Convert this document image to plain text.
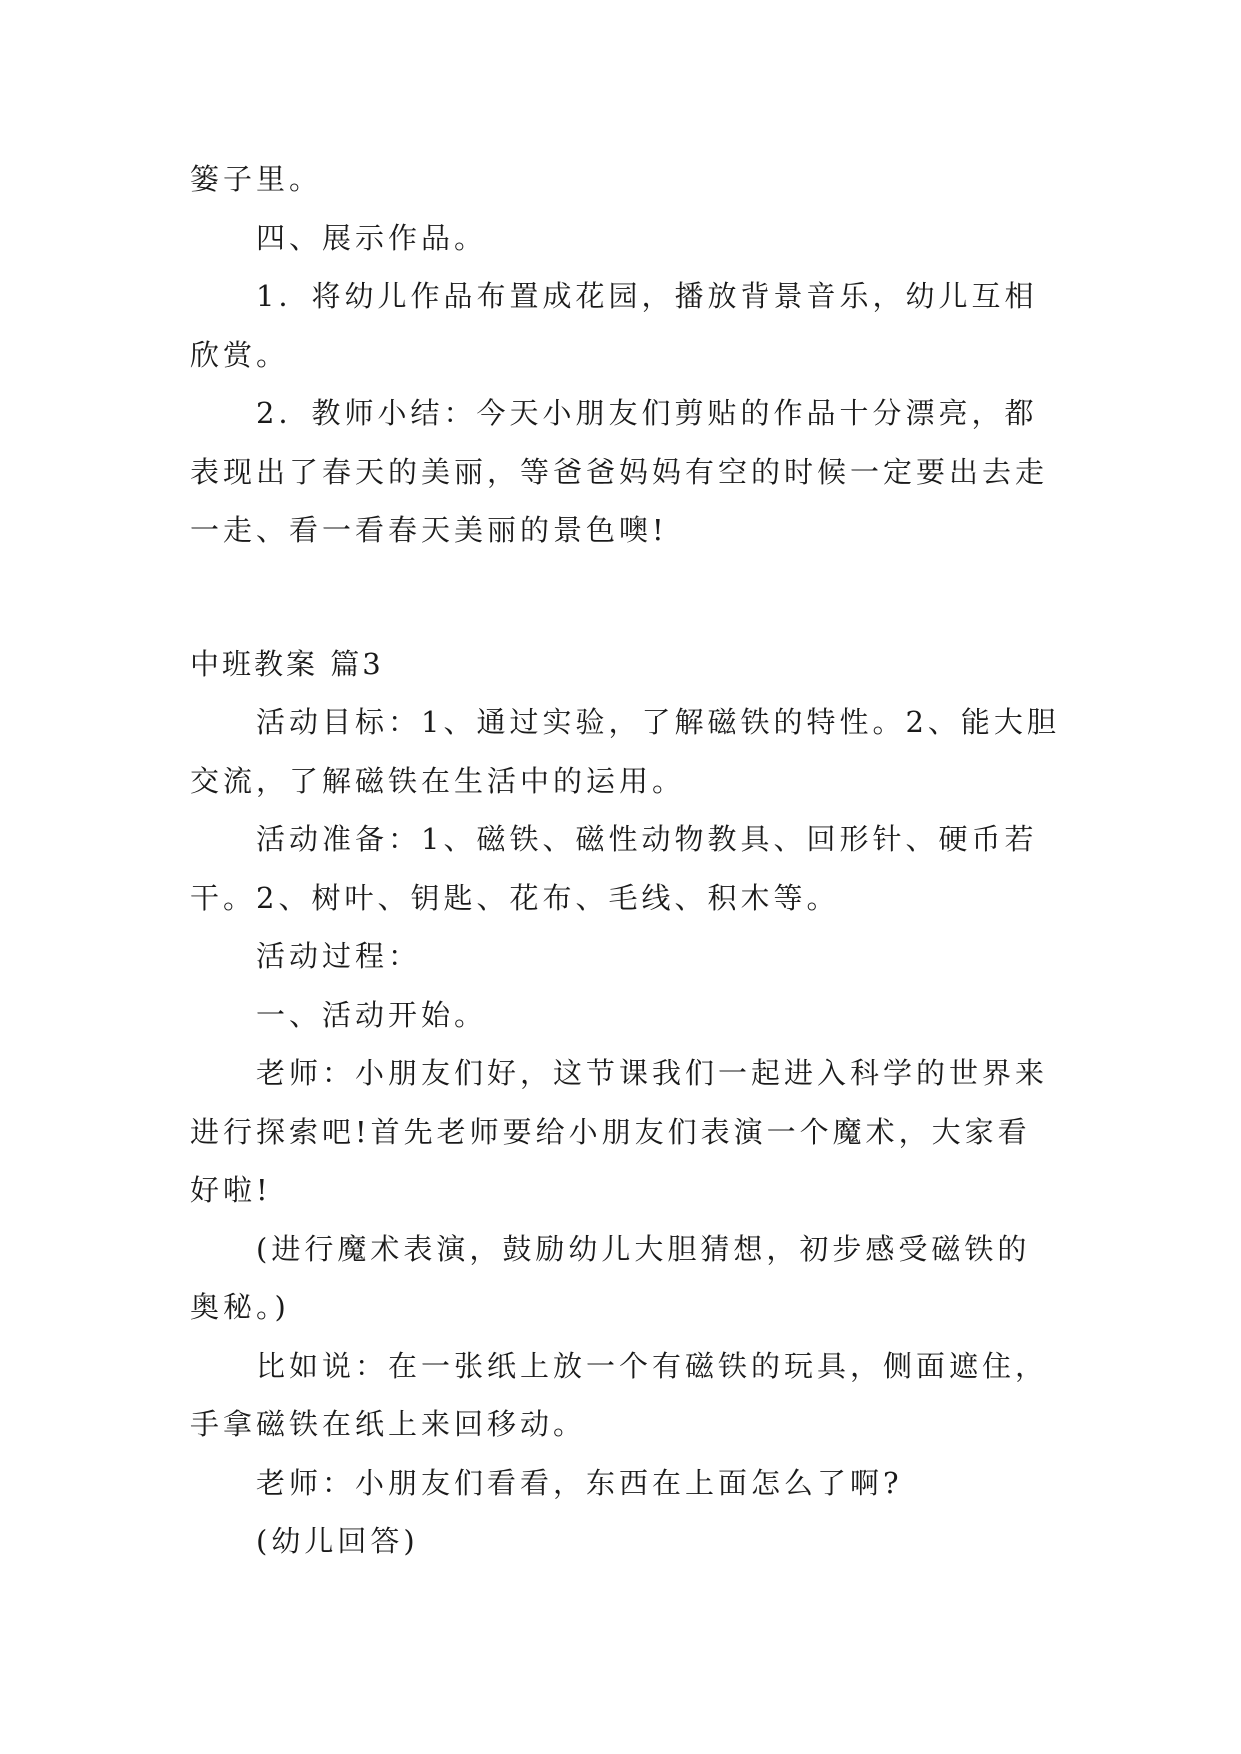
篓子里。

四、展示作品。

1．将幼儿作品布置成花园，播放背景音乐，幼儿互相

欣赏。

2．教师小结：今天小朋友们剪贴的作品十分漂亮，都

表现出了春天的美丽，等爸爸妈妈有空的时候一定要出去走

一走、看一看春天美丽的景色噢!

中班教案 篇3

活动目标：1、通过实验，了解磁铁的特性。2、能大胆

交流，了解磁铁在生活中的运用。

活动准备：1、磁铁、磁性动物教具、回形针、硬币若

干。2、树叶、钥匙、花布、毛线、积木等。

活动过程：

一、活动开始。

老师：小朋友们好，这节课我们一起进入科学的世界来

进行探索吧!首先老师要给小朋友们表演一个魔术，大家看

好啦!

(进行魔术表演，鼓励幼儿大胆猜想，初步感受磁铁的

奥秘。)

比如说：在一张纸上放一个有磁铁的玩具，侧面遮住，

手拿磁铁在纸上来回移动。

老师：小朋友们看看，东西在上面怎么了啊?

(幼儿回答)
